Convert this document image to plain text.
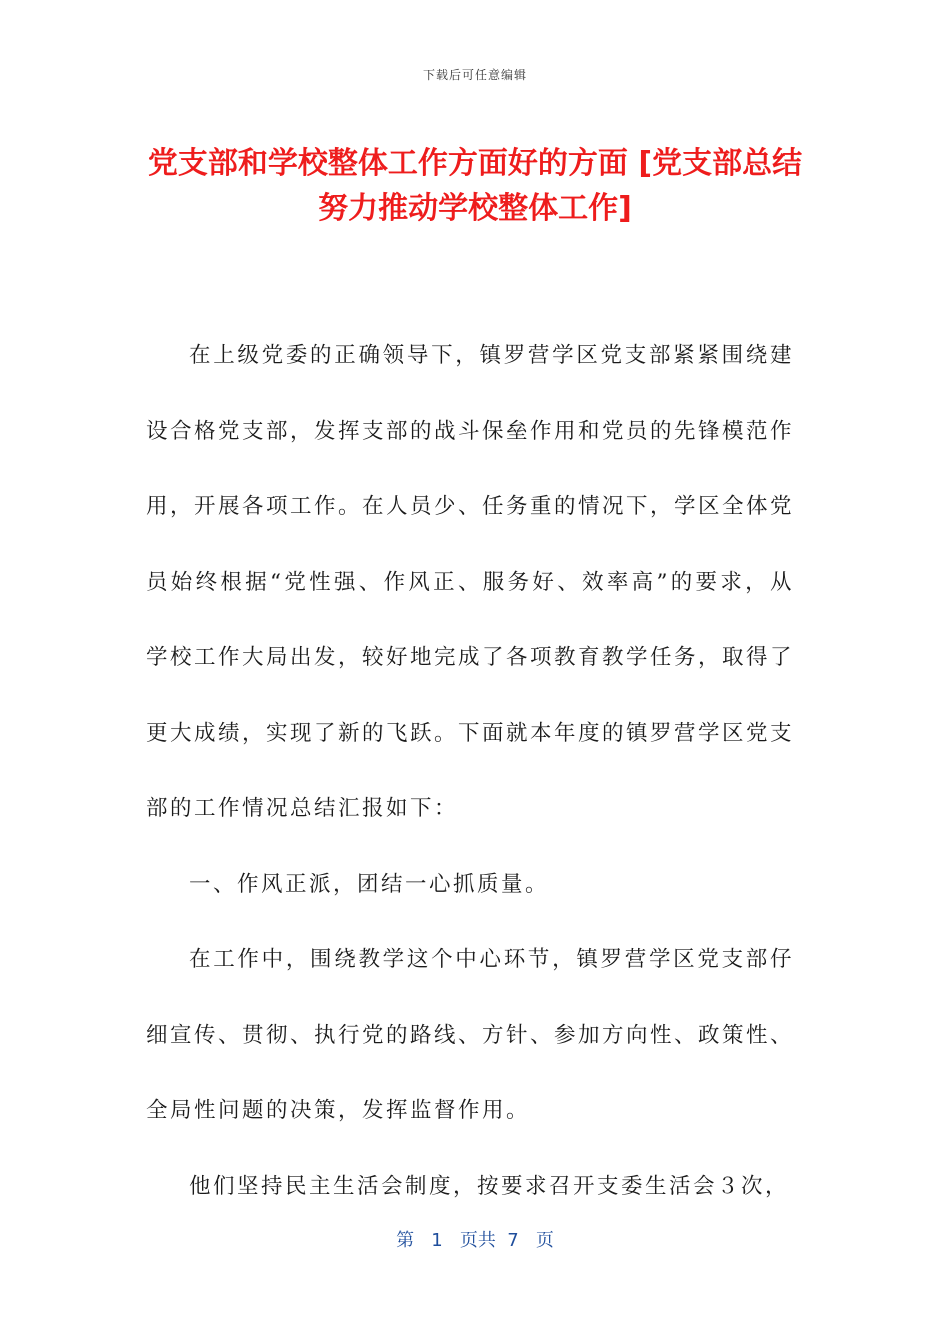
下载后可任意编辑
党支部和学校整体工作方面好的方面 [党支部总结努力推动学校整体工作]

在上级党委的正确领导下，镇罗营学区党支部紧紧围绕建设合格党支部，发挥支部的战斗保垒作用和党员的先锋模范作用，开展各项工作。在人员少、任务重的情况下，学区全体党员始终根据“党性强、作风正、服务好、效率高”的要求，从学校工作大局出发，较好地完成了各项教育教学任务，取得了更大成绩，实现了新的飞跃。下面就本年度的镇罗营学区党支部的工作情况总结汇报如下：

一、作风正派，团结一心抓质量。

在工作中，围绕教学这个中心环节，镇罗营学区党支部仔细宣传、贯彻、执行党的路线、方针、参加方向性、政策性、全局性问题的决策，发挥监督作用。

他们坚持民主生活会制度，按要求召开支委生活会３次，

第   1   页共  7   页
